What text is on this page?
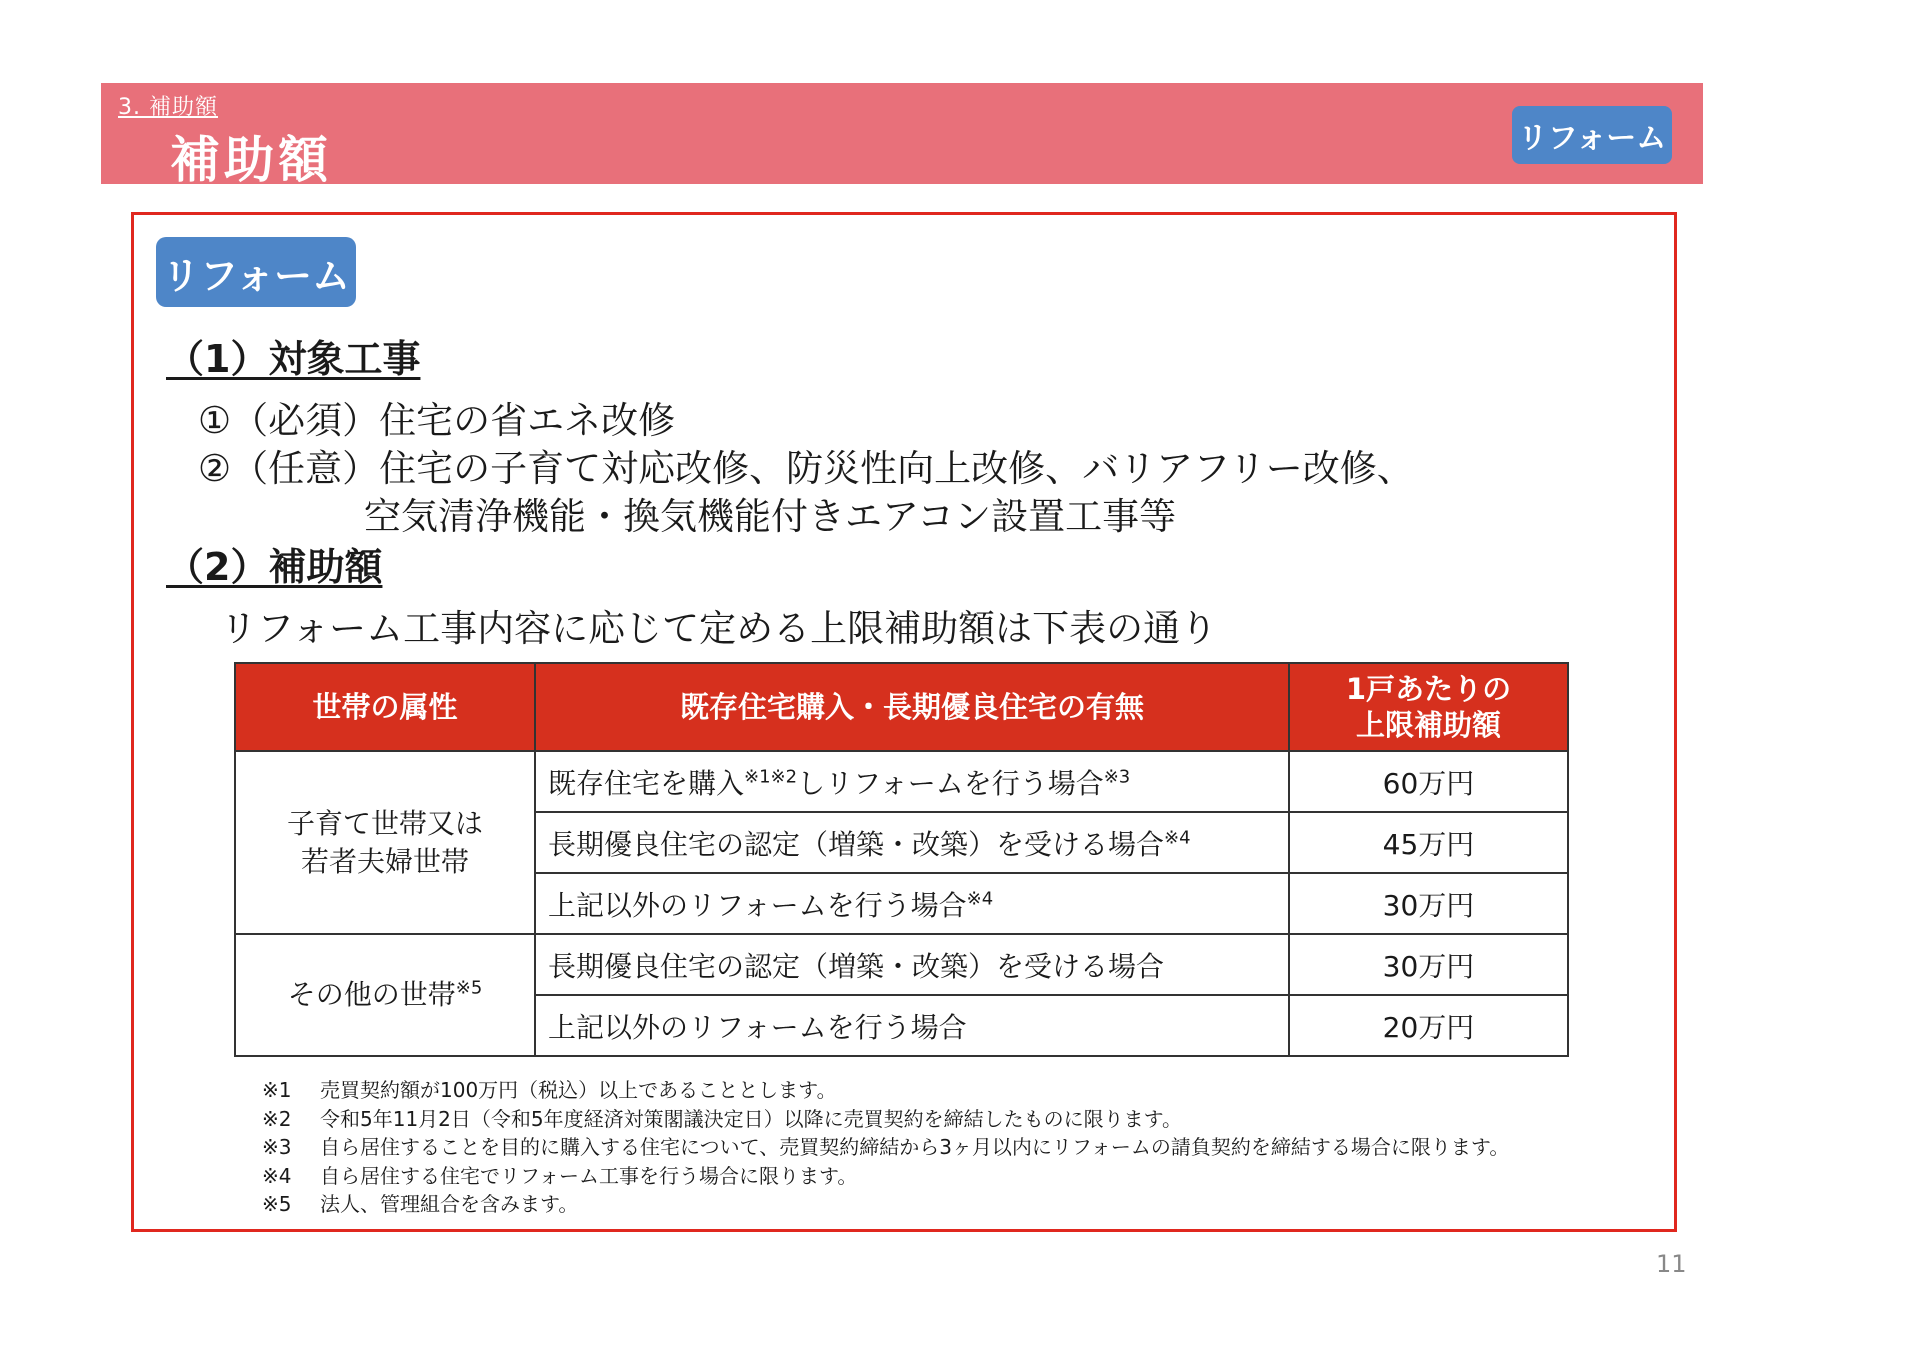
3. 補助額
補助額	リフォーム
リフォーム
（1）対象工事
①（必須）住宅の省エネ改修
②（任意）住宅の子育て対応改修、防災性向上改修、バリアフリー改修、
空気清浄機能・換気機能付きエアコン設置工事等
（2）補助額
リフォーム工事内容に応じて定める上限補助額は下表の通り
世帯の属性	既存住宅購入・長期優良住宅の有無	1戸あたりの
上限補助額
子育て世帯又は
若者夫婦世帯	既存住宅を購入$^{※1※2}$しリフォームを行う場合$^{※3}$	60万円
	長期優良住宅の認定（増築・改築）を受ける場合$^{※4}$	45万円
	上記以外のリフォームを行う場合$^{※4}$	30万円
その他の世帯$^{※5}$	長期優良住宅の認定（増築・改築）を受ける場合	30万円
	上記以外のリフォームを行う場合	20万円
※1	売買契約額が100万円（税込）以上であることとします。
※2	令和5年11月2日（令和5年度経済対策閣議決定日）以降に売買契約を締結したものに限ります。
※3	自ら居住することを目的に購入する住宅について、売買契約締結から3ヶ月以内にリフォームの請負契約を締結する場合に限ります。
※4	自ら居住する住宅でリフォーム工事を行う場合に限ります。
※5	法人、管理組合を含みます。
11
